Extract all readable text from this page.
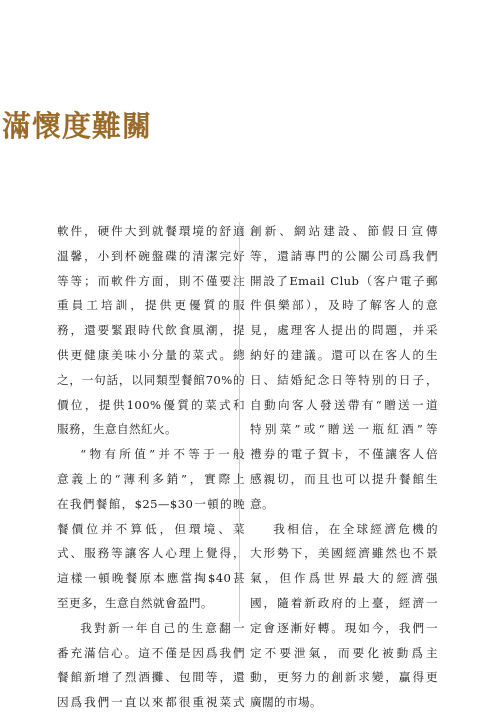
滿懷度難關

軟件，硬件大到就餐環境的舒適

溫馨，小到杯碗盤碟的清潔完好

等等；而軟件方面，則不僅要注

重員工培訓，提供更優質的服

務，還要緊跟時代飲食風潮，提

供更健康美味小分量的菜式。總

之，一句話，以同類型餐館70%的

價位，提供100%優質的菜式和

服務，生意自然紅火。

“物有所值”并不等于一般

意義上的“薄利多銷”，實際上

在我們餐館，$25—$30一頓的晚

餐價位并不算低，但環境、菜

式、服務等讓客人心理上覺得，

這樣一頓晚餐原本應當掏$40甚

至更多，生意自然就會盈門。

我對新一年自己的生意翻一

番充滿信心。這不僅是因爲我們

餐館新增了烈酒攤、包間等，還

因爲我們一直以來都很重視菜式

創新、網站建設、節假日宣傳

等，還請專門的公關公司爲我們

開設了Email Club（客户電子郵

件俱樂部），及時了解客人的意

見，處理客人提出的問題，并采

納好的建議。還可以在客人的生

日、結婚紀念日等特别的日子，

自動向客人發送帶有“贈送一道

特别菜”或“贈送一瓶紅酒”等

禮券的電子賀卡，不僅讓客人倍

感親切，而且也可以提升餐館生

意。

我相信，在全球經濟危機的

大形勢下，美國經濟雖然也不景

氣，但作爲世界最大的經濟强

國，隨着新政府的上臺，經濟一

定會逐漸好轉。現如今，我們一

定不要泄氣，而要化被動爲主

動，更努力的創新求變，贏得更

廣闊的市場。
